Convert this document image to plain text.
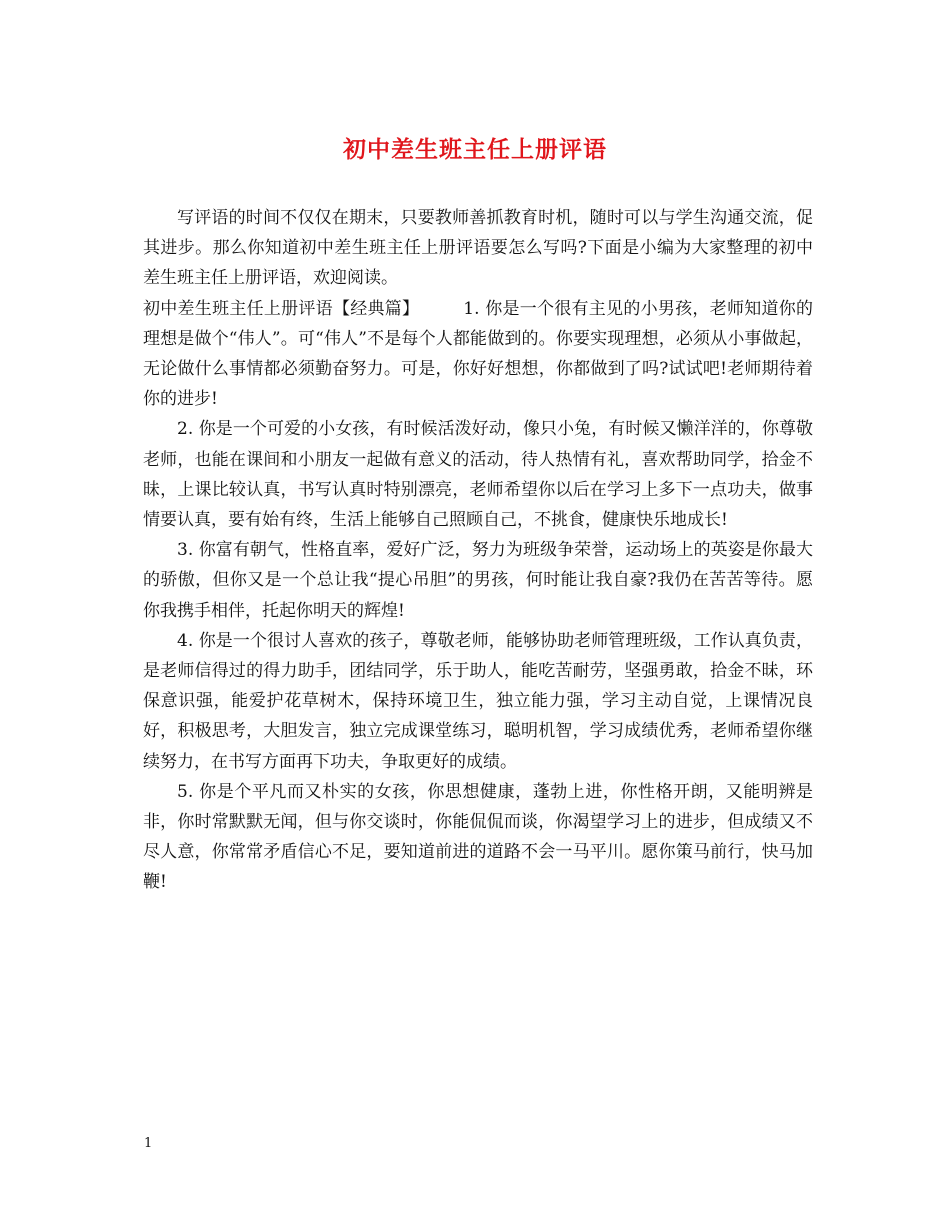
初中差生班主任上册评语

写评语的时间不仅仅在期末，只要教师善抓教育时机，随时可以与学生沟通交流，促其进步。那么你知道初中差生班主任上册评语要怎么写吗?下面是小编为大家整理的初中差生班主任上册评语，欢迎阅读。

初中差生班主任上册评语【经典篇】	1. 你是一个很有主见的小男孩，老师知道你的理想是做个“伟人”。可“伟人”不是每个人都能做到的。你要实现理想，必须从小事做起，无论做什么事情都必须勤奋努力。可是，你好好想想，你都做到了吗?试试吧!老师期待着你的进步!

2. 你是一个可爱的小女孩，有时候活泼好动，像只小兔，有时候又懒洋洋的，你尊敬老师，也能在课间和小朋友一起做有意义的活动，待人热情有礼，喜欢帮助同学，拾金不昧，上课比较认真，书写认真时特别漂亮，老师希望你以后在学习上多下一点功夫，做事情要认真，要有始有终，生活上能够自己照顾自己，不挑食，健康快乐地成长!

3. 你富有朝气，性格直率，爱好广泛，努力为班级争荣誉，运动场上的英姿是你最大的骄傲，但你又是一个总让我“提心吊胆”的男孩，何时能让我自豪?我仍在苦苦等待。愿你我携手相伴，托起你明天的辉煌!

4. 你是一个很讨人喜欢的孩子，尊敬老师，能够协助老师管理班级，工作认真负责，是老师信得过的得力助手，团结同学，乐于助人，能吃苦耐劳，坚强勇敢，拾金不昧，环保意识强，能爱护花草树木，保持环境卫生，独立能力强，学习主动自觉，上课情况良好，积极思考，大胆发言，独立完成课堂练习，聪明机智，学习成绩优秀，老师希望你继续努力，在书写方面再下功夫，争取更好的成绩。

5. 你是个平凡而又朴实的女孩，你思想健康，蓬勃上进，你性格开朗，又能明辨是非，你时常默默无闻，但与你交谈时，你能侃侃而谈，你渴望学习上的进步，但成绩又不尽人意，你常常矛盾信心不足，要知道前进的道路不会一马平川。愿你策马前行，快马加鞭!

1
